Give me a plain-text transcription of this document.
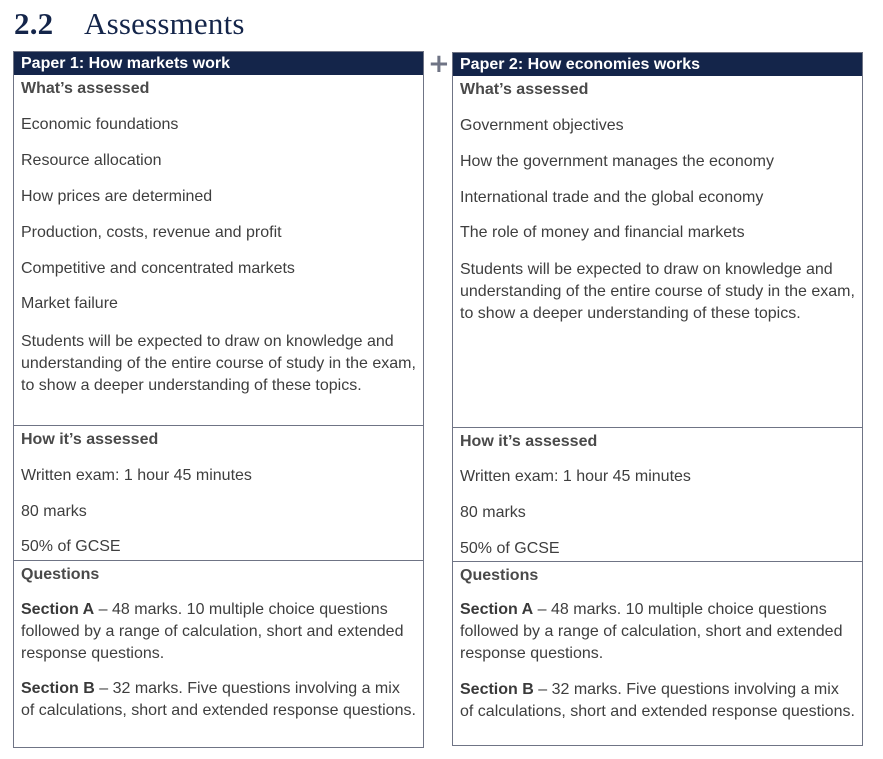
2.2 Assessments
+
Paper 1: How markets work
What’s assessed
Economic foundations
Resource allocation
How prices are determined
Production, costs, revenue and profit
Competitive and concentrated markets
Market failure
Students will be expected to draw on knowledge and understanding of the entire course of study in the exam, to show a deeper understanding of these topics.
How it’s assessed
Written exam: 1 hour 45 minutes
80 marks
50% of GCSE
Questions
Section A – 48 marks. 10 multiple choice questions followed by a range of calculation, short and extended response questions.
Section B – 32 marks. Five questions involving a mix of calculations, short and extended response questions.
Paper 2: How economies works
What’s assessed
Government objectives
How the government manages the economy
International trade and the global economy
The role of money and financial markets
Students will be expected to draw on knowledge and understanding of the entire course of study in the exam, to show a deeper understanding of these topics.
How it’s assessed
Written exam: 1 hour 45 minutes
80 marks
50% of GCSE
Questions
Section A – 48 marks. 10 multiple choice questions followed by a range of calculation, short and extended response questions.
Section B – 32 marks. Five questions involving a mix of calculations, short and extended response questions.
